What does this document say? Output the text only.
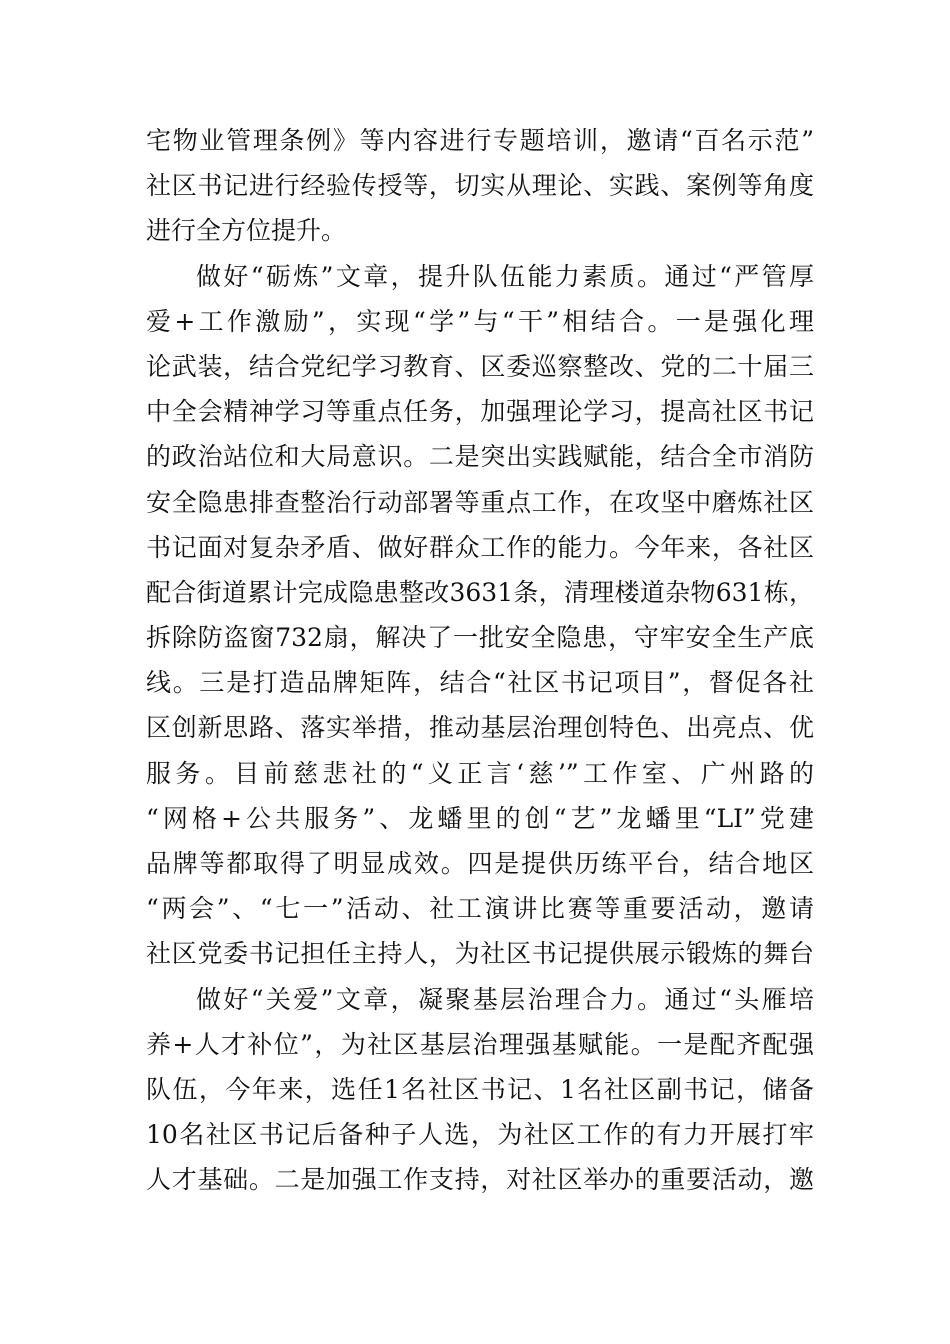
宅物业管理条例》等内容进行专题培训，邀请“百名示范”
社区书记进行经验传授等，切实从理论、实践、案例等角度
进行全方位提升。
做好“砺炼”文章，提升队伍能力素质。通过“严管厚
爱+工作激励”，实现“学”与“干”相结合。一是强化理
论武装，结合党纪学习教育、区委巡察整改、党的二十届三
中全会精神学习等重点任务，加强理论学习，提高社区书记
的政治站位和大局意识。二是突出实践赋能，结合全市消防
安全隐患排查整治行动部署等重点工作，在攻坚中磨炼社区
书记面对复杂矛盾、做好群众工作的能力。今年来，各社区
配合街道累计完成隐患整改3631条，清理楼道杂物631栋，
拆除防盗窗732扇，解决了一批安全隐患，守牢安全生产底
线。三是打造品牌矩阵，结合“社区书记项目”，督促各社
区创新思路、落实举措，推动基层治理创特色、出亮点、优
服务。目前慈悲社的“义正言‘慈’”工作室、广州路的
“网格+公共服务”、龙蟠里的创“艺”龙蟠里“LI”党建
品牌等都取得了明显成效。四是提供历练平台，结合地区
“两会”、“七一”活动、社工演讲比赛等重要活动，邀请
社区党委书记担任主持人，为社区书记提供展示锻炼的舞台
做好“关爱”文章，凝聚基层治理合力。通过“头雁培
养+人才补位”，为社区基层治理强基赋能。一是配齐配强
队伍，今年来，选任1名社区书记、1名社区副书记，储备
10名社区书记后备种子人选，为社区工作的有力开展打牢
人才基础。二是加强工作支持，对社区举办的重要活动，邀
